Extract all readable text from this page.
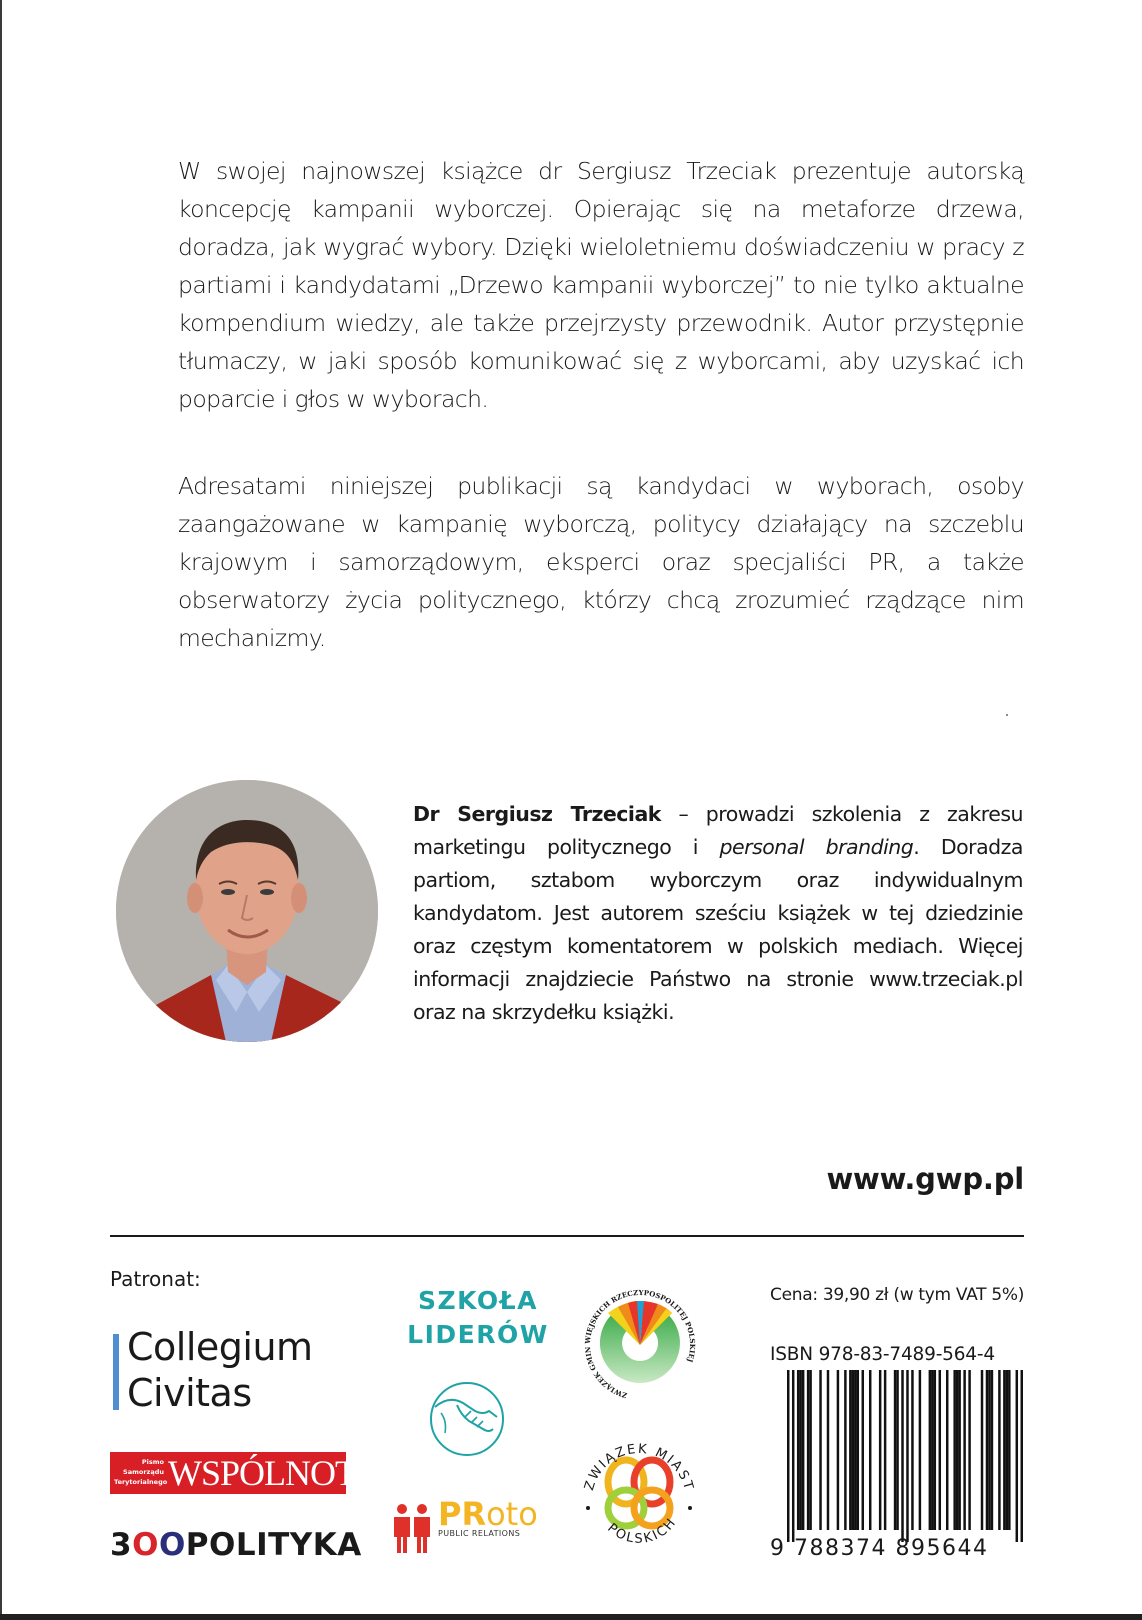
W swojej najnowszej książce dr Sergiusz Trzeciak prezentuje autorską koncepcję kampanii wyborczej. Opierając się na metaforze drzewa, doradza, jak wygrać wybory. Dzięki wieloletniemu doświadczeniu w pracy z partiami i kandydatami „Drzewo kampanii wyborczej” to nie tylko aktualne kompendium wiedzy, ale także przejrzysty przewodnik. Autor przystępnie tłumaczy, w jaki sposób komunikować się z wyborcami, aby uzyskać ich poparcie i głos w wyborach.

Adresatami niniejszej publikacji są kandydaci w wyborach, osoby zaangażowane w kampanię wyborczą, politycy działający na szczeblu krajowym i samorządowym, eksperci oraz specjaliści PR, a także obserwatorzy życia politycznego, którzy chcą zrozumieć rządzące nim mechanizmy.

Dr Sergiusz Trzeciak – prowadzi szkolenia z zakresu marketingu politycznego i personal branding. Doradza partiom, sztabom wyborczym oraz indywidualnym kandydatom. Jest autorem sześciu książek w tej dziedzinie oraz częstym komentatorem w polskich mediach. Więcej informacji znajdziecie Państwo na stronie www.trzeciak.pl oraz na skrzydełku książki.

www.gwp.pl
Patronat:
Collegium
Civitas
Pismo
Samorządu
Terytorialnego WSPÓLNOTA
3OOPOLITYKA
SZKOŁA
LIDERÓW
PRoto
PUBLIC RELATIONS
ZWIĄZEK GMIN WIEJSKICH RZECZYPOSPOLITEJ POLSKIEJ
ZWIĄZEK MIAST
POLSKICH
Cena: 39,90 zł (w tym VAT 5%)
ISBN 978-83-7489-564-4
9 788374 895644
